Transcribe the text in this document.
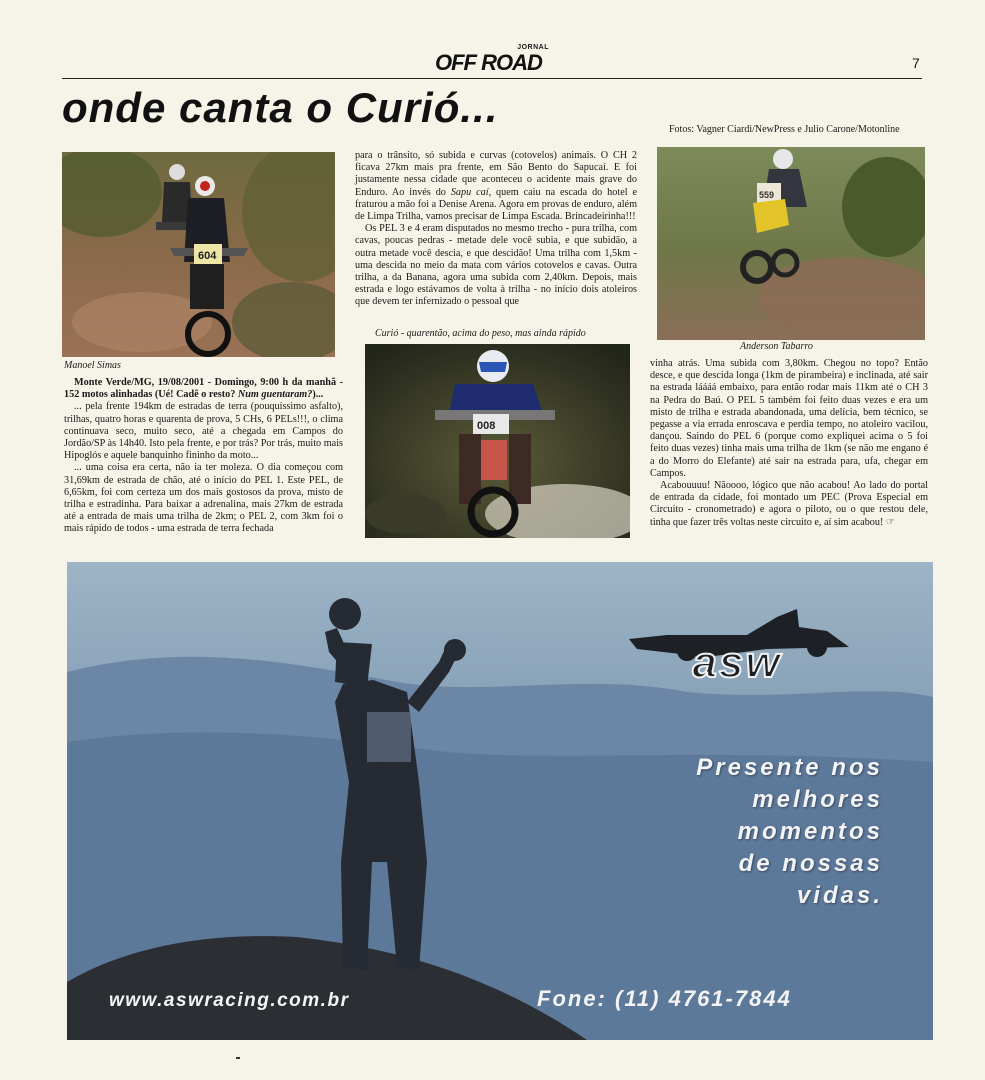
JORNAL
OFF ROAD	7
onde canta o Curió...	Fotos: Vagner Ciardi/NewPress e Julio Carone/Motonline
604
Manoel Simas

Monte Verde/MG, 19/08/2001 - Domingo, 9:00 h da manhã - 152 motos alinhadas (Ué! Cadê o resto? Num guentaram?)...

... pela frente 194km de estradas de terra (pouquíssimo asfalto), trilhas, quatro horas e quarenta de prova, 5 CHs, 6 PELs!!!, o clima continuava seco, muito seco, até a chegada em Campos do Jordão/SP às 14h40. Isto pela frente, e por trás? Por trás, muito mais Hipoglós e aquele banquinho fininho da moto...

... uma coisa era certa, não ia ter moleza. O dia começou com 31,69km de estrada de chão, até o início do PEL 1. Este PEL, de 6,65km, foi com certeza um dos mais gostosos da prova, misto de trilha e estradinha. Para baixar a adrenalina, mais 27km de estrada até a entrada de mais uma trilha de 2km; o PEL 2, com 3km foi o mais rápido de todos - uma estrada de terra fechada

para o trânsito, só subida e curvas (cotovelos) animais. O CH 2 ficava 27km mais pra frente, em São Bento do Sapucaí. E foi justamente nessa cidade que aconteceu o acidente mais grave do Enduro. Ao invés do Sapu caí, quem caiu na escada do hotel e fraturou a mão foi a Denise Arena. Agora em provas de enduro, além de Limpa Trilha, vamos precisar de Limpa Escada. Brincadeirinha!!!

Os PEL 3 e 4 eram disputados no mesmo trecho - pura trilha, com cavas, poucas pedras - metade dele você subia, e que subidão, a outra metade você descia, e que descidão! Uma trilha com 1,5km - uma descida no meio da mata com vários cotovelos e cavas. Outra trilha, a da Banana, agora uma subida com 2,40km. Depois, mais estrada e logo estávamos de volta à trilha - no início dois atoleiros que devem ter infernizado o pessoal que

Curió - quarentão, acima do peso, mas ainda rápido
008
559
Anderson Tabarro

vinha atrás. Uma subida com 3,80km. Chegou no topo? Então desce, e que descida longa (1km de pirambeira) e inclinada, até sair na estrada láááá embaixo, para então rodar mais 11km até o CH 3 na Pedra do Baú. O PEL 5 também foi feito duas vezes e era um misto de trilha e estrada abandonada, uma delícia, bem técnico, se pegasse a via errada enroscava e perdia tempo, no atoleiro vacilou, dançou. Saindo do PEL 6 (porque como expliquei acima o 5 foi feito duas vezes) tinha mais uma trilha de 1km (se não me engano é a do Morro do Elefante) até sair na estrada para, ufa, chegar em Campos.

Acabouuuu! Nãoooo, lógico que não acabou! Ao lado do portal de entrada da cidade, foi montado um PEC (Prova Especial em Circuito - cronometrado) e agora o piloto, ou o que restou dele, tinha que fazer três voltas neste circuito e, aí sim acabou! ☞

asw
Presente nos
melhores
momentos
de nossas
vidas.
www.aswracing.com.br	Fone: (11) 4761-7844
